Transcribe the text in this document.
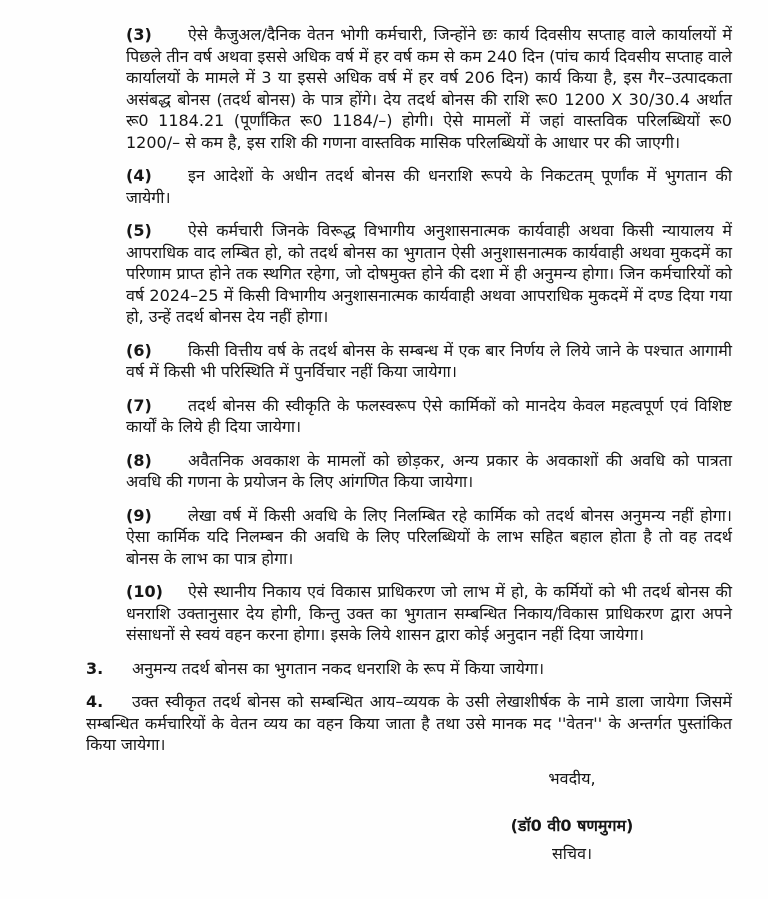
(3) ऐसे कैजुअल/दैनिक वेतन भोगी कर्मचारी, जिन्होंने छः कार्य दिवसीय सप्ताह वाले कार्यालयों में पिछले तीन वर्ष अथवा इससे अधिक वर्ष में हर वर्ष कम से कम 240 दिन (पांच कार्य दिवसीय सप्ताह वाले कार्यालयों के मामले में 3 या इससे अधिक वर्ष में हर वर्ष 206 दिन) कार्य किया है, इस गैर–उत्पादकता असंबद्ध बोनस (तदर्थ बोनस) के पात्र होंगे। देय तदर्थ बोनस की राशि रू0 1200 X 30/30.4 अर्थात रू0 1184.21 (पूर्णांकित रू0 1184/–) होगी। ऐसे मामलों में जहां वास्तविक परिलब्धियों रू0 1200/– से कम है, इस राशि की गणना वास्तविक मासिक परिलब्धियों के आधार पर की जाएगी।

(4) इन आदेशों के अधीन तदर्थ बोनस की धनराशि रूपये के निकटतम् पूर्णांक में भुगतान की जायेगी।

(5) ऐसे कर्मचारी जिनके विरूद्ध विभागीय अनुशासनात्मक कार्यवाही अथवा किसी न्यायालय में आपराधिक वाद लम्बित हो, को तदर्थ बोनस का भुगतान ऐसी अनुशासनात्मक कार्यवाही अथवा मुकदमें का परिणाम प्राप्त होने तक स्थगित रहेगा, जो दोषमुक्त होने की दशा में ही अनुमन्य होगा। जिन कर्मचारियों को वर्ष 2024–25 में किसी विभागीय अनुशासनात्मक कार्यवाही अथवा आपराधिक मुकदमें में दण्ड दिया गया हो, उन्हें तदर्थ बोनस देय नहीं होगा।

(6) किसी वित्तीय वर्ष के तदर्थ बोनस के सम्बन्ध में एक बार निर्णय ले लिये जाने के पश्चात आगामी वर्ष में किसी भी परिस्थिति में पुनर्विचार नहीं किया जायेगा।

(7) तदर्थ बोनस की स्वीकृति के फलस्वरूप ऐसे कार्मिकों को मानदेय केवल महत्वपूर्ण एवं विशिष्ट कार्यों के लिये ही दिया जायेगा।

(8) अवैतनिक अवकाश के मामलों को छोड़कर, अन्य प्रकार के अवकाशों की अवधि को पात्रता अवधि की गणना के प्रयोजन के लिए आंगणित किया जायेगा।

(9) लेखा वर्ष में किसी अवधि के लिए निलम्बित रहे कार्मिक को तदर्थ बोनस अनुमन्य नहीं होगा। ऐसा कार्मिक यदि निलम्बन की अवधि के लिए परिलब्धियों के लाभ सहित बहाल होता है तो वह तदर्थ बोनस के लाभ का पात्र होगा।

(10) ऐसे स्थानीय निकाय एवं विकास प्राधिकरण जो लाभ में हो, के कर्मियों को भी तदर्थ बोनस की धनराशि उक्तानुसार देय होगी, किन्तु उक्त का भुगतान सम्बन्धित निकाय/विकास प्राधिकरण द्वारा अपने संसाधनों से स्वयं वहन करना होगा। इसके लिये शासन द्वारा कोई अनुदान नहीं दिया जायेगा।

3. अनुमन्य तदर्थ बोनस का भुगतान नकद धनराशि के रूप में किया जायेगा।

4. उक्त स्वीकृत तदर्थ बोनस को सम्बन्धित आय–व्ययक के उसी लेखाशीर्षक के नामे डाला जायेगा जिसमें सम्बन्धित कर्मचारियों के वेतन व्यय का वहन किया जाता है तथा उसे मानक मद ''वेतन'' के अन्तर्गत पुस्तांकित किया जायेगा।

भवदीय,

(डॉ0 वी0 षणमुगम)

सचिव।
